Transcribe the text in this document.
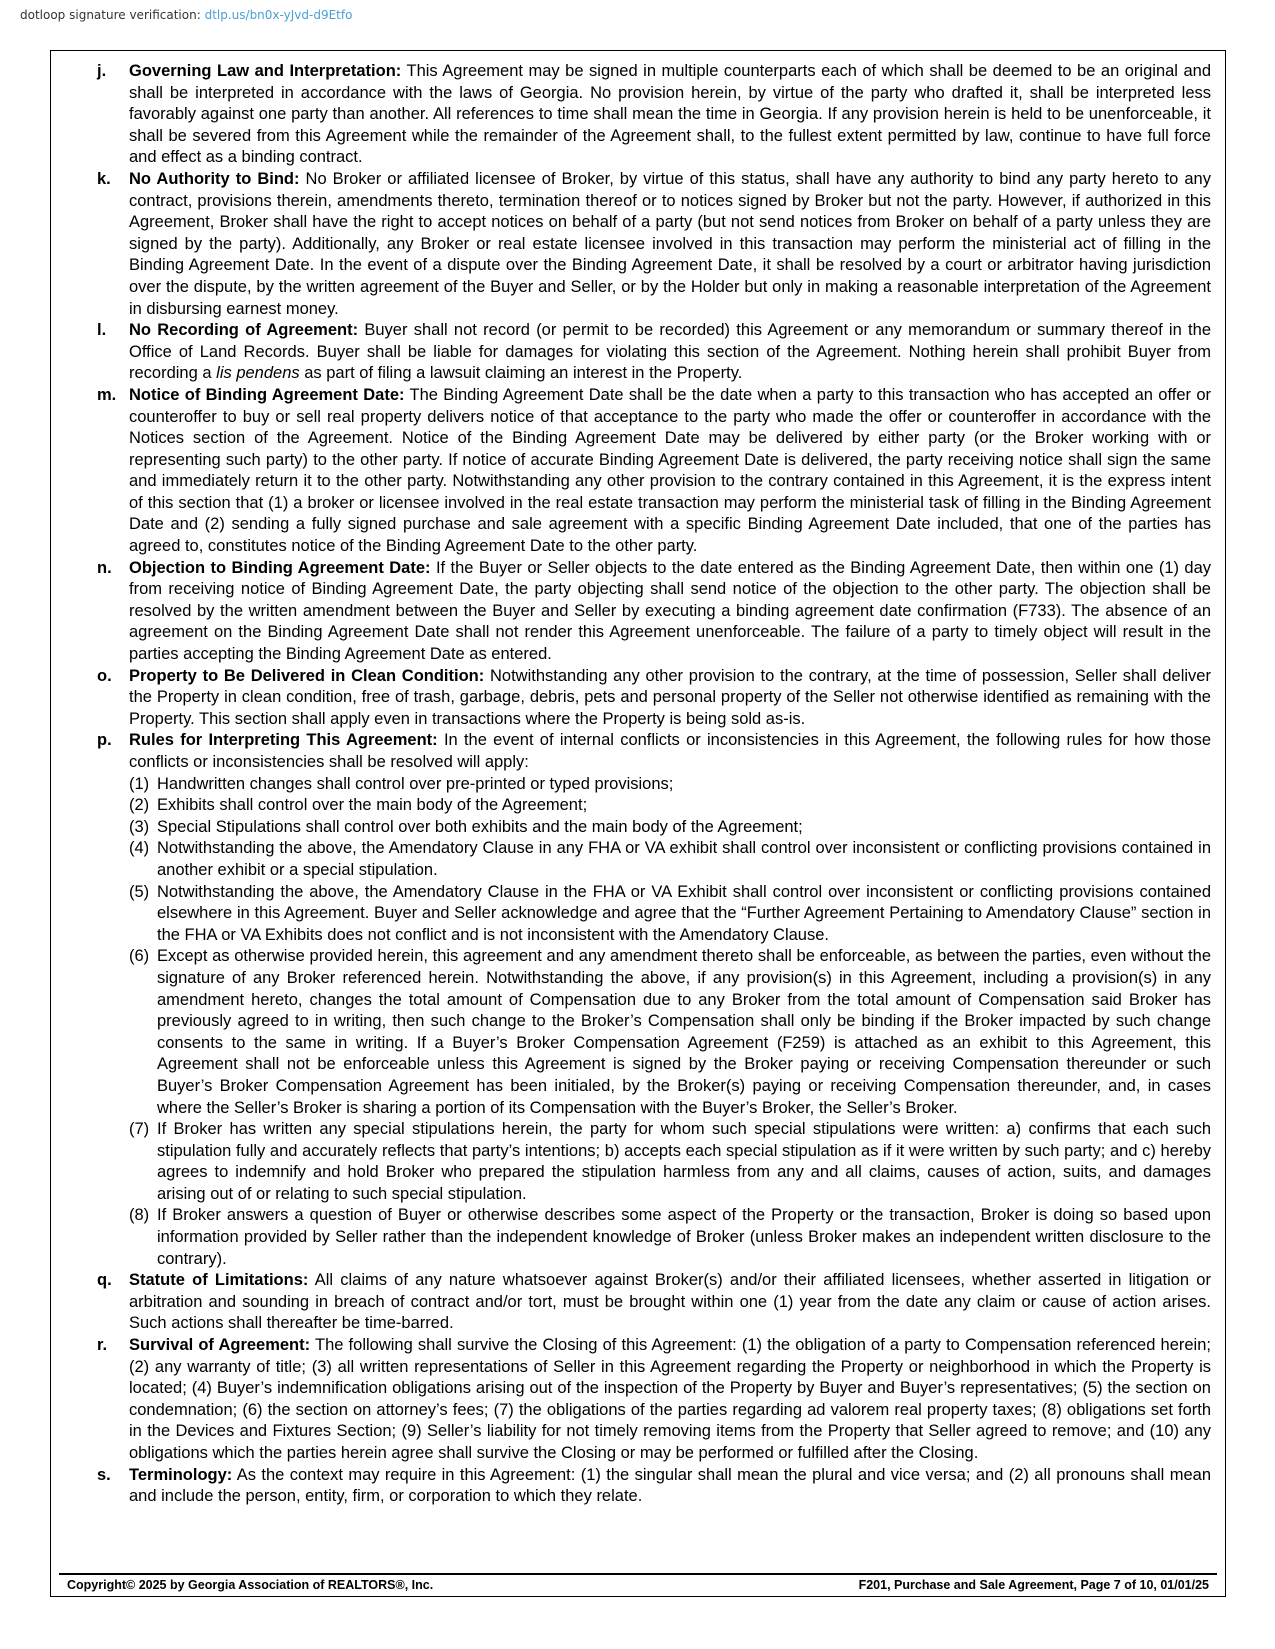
dotloop signature verification: dtlp.us/bn0x-yJvd-d9Etfo

j. Governing Law and Interpretation: This Agreement may be signed in multiple counterparts each of which shall be deemed to be an original and shall be interpreted in accordance with the laws of Georgia. No provision herein, by virtue of the party who drafted it, shall be interpreted less favorably against one party than another. All references to time shall mean the time in Georgia. If any provision herein is held to be unenforceable, it shall be severed from this Agreement while the remainder of the Agreement shall, to the fullest extent permitted by law, continue to have full force and effect as a binding contract.

k. No Authority to Bind: No Broker or affiliated licensee of Broker, by virtue of this status, shall have any authority to bind any party hereto to any contract, provisions therein, amendments thereto, termination thereof or to notices signed by Broker but not the party. However, if authorized in this Agreement, Broker shall have the right to accept notices on behalf of a party (but not send notices from Broker on behalf of a party unless they are signed by the party). Additionally, any Broker or real estate licensee involved in this transaction may perform the ministerial act of filling in the Binding Agreement Date. In the event of a dispute over the Binding Agreement Date, it shall be resolved by a court or arbitrator having jurisdiction over the dispute, by the written agreement of the Buyer and Seller, or by the Holder but only in making a reasonable interpretation of the Agreement in disbursing earnest money.

l. No Recording of Agreement: Buyer shall not record (or permit to be recorded) this Agreement or any memorandum or summary thereof in the Office of Land Records. Buyer shall be liable for damages for violating this section of the Agreement. Nothing herein shall prohibit Buyer from recording a lis pendens as part of filing a lawsuit claiming an interest in the Property.

m. Notice of Binding Agreement Date: The Binding Agreement Date shall be the date when a party to this transaction who has accepted an offer or counteroffer to buy or sell real property delivers notice of that acceptance to the party who made the offer or counteroffer in accordance with the Notices section of the Agreement. Notice of the Binding Agreement Date may be delivered by either party (or the Broker working with or representing such party) to the other party. If notice of accurate Binding Agreement Date is delivered, the party receiving notice shall sign the same and immediately return it to the other party. Notwithstanding any other provision to the contrary contained in this Agreement, it is the express intent of this section that (1) a broker or licensee involved in the real estate transaction may perform the ministerial task of filling in the Binding Agreement Date and (2) sending a fully signed purchase and sale agreement with a specific Binding Agreement Date included, that one of the parties has agreed to, constitutes notice of the Binding Agreement Date to the other party.

n. Objection to Binding Agreement Date: If the Buyer or Seller objects to the date entered as the Binding Agreement Date, then within one (1) day from receiving notice of Binding Agreement Date, the party objecting shall send notice of the objection to the other party. The objection shall be resolved by the written amendment between the Buyer and Seller by executing a binding agreement date confirmation (F733). The absence of an agreement on the Binding Agreement Date shall not render this Agreement unenforceable. The failure of a party to timely object will result in the parties accepting the Binding Agreement Date as entered.

o. Property to Be Delivered in Clean Condition: Notwithstanding any other provision to the contrary, at the time of possession, Seller shall deliver the Property in clean condition, free of trash, garbage, debris, pets and personal property of the Seller not otherwise identified as remaining with the Property. This section shall apply even in transactions where the Property is being sold as-is.

p. Rules for Interpreting This Agreement: In the event of internal conflicts or inconsistencies in this Agreement, the following rules for how those conflicts or inconsistencies shall be resolved will apply:

(1) Handwritten changes shall control over pre-printed or typed provisions;

(2) Exhibits shall control over the main body of the Agreement;

(3) Special Stipulations shall control over both exhibits and the main body of the Agreement;

(4) Notwithstanding the above, the Amendatory Clause in any FHA or VA exhibit shall control over inconsistent or conflicting provisions contained in another exhibit or a special stipulation.

(5) Notwithstanding the above, the Amendatory Clause in the FHA or VA Exhibit shall control over inconsistent or conflicting provisions contained elsewhere in this Agreement. Buyer and Seller acknowledge and agree that the “Further Agreement Pertaining to Amendatory Clause” section in the FHA or VA Exhibits does not conflict and is not inconsistent with the Amendatory Clause.

(6) Except as otherwise provided herein, this agreement and any amendment thereto shall be enforceable, as between the parties, even without the signature of any Broker referenced herein. Notwithstanding the above, if any provision(s) in this Agreement, including a provision(s) in any amendment hereto, changes the total amount of Compensation due to any Broker from the total amount of Compensation said Broker has previously agreed to in writing, then such change to the Broker’s Compensation shall only be binding if the Broker impacted by such change consents to the same in writing. If a Buyer’s Broker Compensation Agreement (F259) is attached as an exhibit to this Agreement, this Agreement shall not be enforceable unless this Agreement is signed by the Broker paying or receiving Compensation thereunder or such Buyer’s Broker Compensation Agreement has been initialed, by the Broker(s) paying or receiving Compensation thereunder, and, in cases where the Seller’s Broker is sharing a portion of its Compensation with the Buyer’s Broker, the Seller’s Broker.

(7) If Broker has written any special stipulations herein, the party for whom such special stipulations were written: a) confirms that each such stipulation fully and accurately reflects that party’s intentions; b) accepts each special stipulation as if it were written by such party; and c) hereby agrees to indemnify and hold Broker who prepared the stipulation harmless from any and all claims, causes of action, suits, and damages arising out of or relating to such special stipulation.

(8) If Broker answers a question of Buyer or otherwise describes some aspect of the Property or the transaction, Broker is doing so based upon information provided by Seller rather than the independent knowledge of Broker (unless Broker makes an independent written disclosure to the contrary).

q. Statute of Limitations: All claims of any nature whatsoever against Broker(s) and/or their affiliated licensees, whether asserted in litigation or arbitration and sounding in breach of contract and/or tort, must be brought within one (1) year from the date any claim or cause of action arises. Such actions shall thereafter be time-barred.

r. Survival of Agreement: The following shall survive the Closing of this Agreement: (1) the obligation of a party to Compensation referenced herein; (2) any warranty of title; (3) all written representations of Seller in this Agreement regarding the Property or neighborhood in which the Property is located; (4) Buyer’s indemnification obligations arising out of the inspection of the Property by Buyer and Buyer’s representatives; (5) the section on condemnation; (6) the section on attorney’s fees; (7) the obligations of the parties regarding ad valorem real property taxes; (8) obligations set forth in the Devices and Fixtures Section; (9) Seller’s liability for not timely removing items from the Property that Seller agreed to remove; and (10) any obligations which the parties herein agree shall survive the Closing or may be performed or fulfilled after the Closing.

s. Terminology: As the context may require in this Agreement: (1) the singular shall mean the plural and vice versa; and (2) all pronouns shall mean and include the person, entity, firm, or corporation to which they relate.

Copyright© 2025 by Georgia Association of REALTORS®, Inc.	F201, Purchase and Sale Agreement, Page 7 of 10, 01/01/25
